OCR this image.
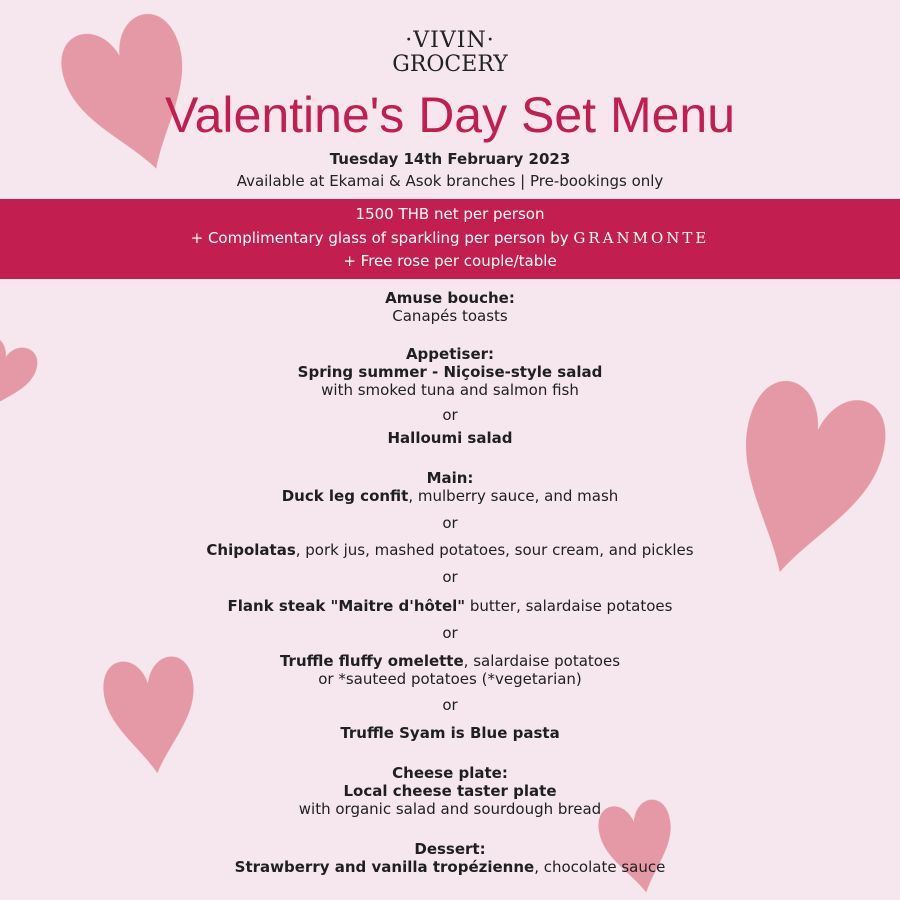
·VIVIN·
GROCERY
Valentine's Day Set Menu
Tuesday 14th February 2023
Available at Ekamai & Asok branches | Pre-bookings only
1500 THB net per person
+ Complimentary glass of sparkling per person by GRANMONTE
+ Free rose per couple/table
Amuse bouche:
Canapés toasts
Appetiser:
Spring summer - Niçoise-style salad
with smoked tuna and salmon fish
or
Halloumi salad
Main:
Duck leg confit, mulberry sauce, and mash
or
Chipolatas, pork jus, mashed potatoes, sour cream, and pickles
or
Flank steak "Maitre d'hôtel" butter, salardaise potatoes
or
Truffle fluffy omelette, salardaise potatoes
or *sauteed potatoes (*vegetarian)
or
Truffle Syam is Blue pasta
Cheese plate:
Local cheese taster plate
with organic salad and sourdough bread
Dessert:
Strawberry and vanilla tropézienne, chocolate sauce
